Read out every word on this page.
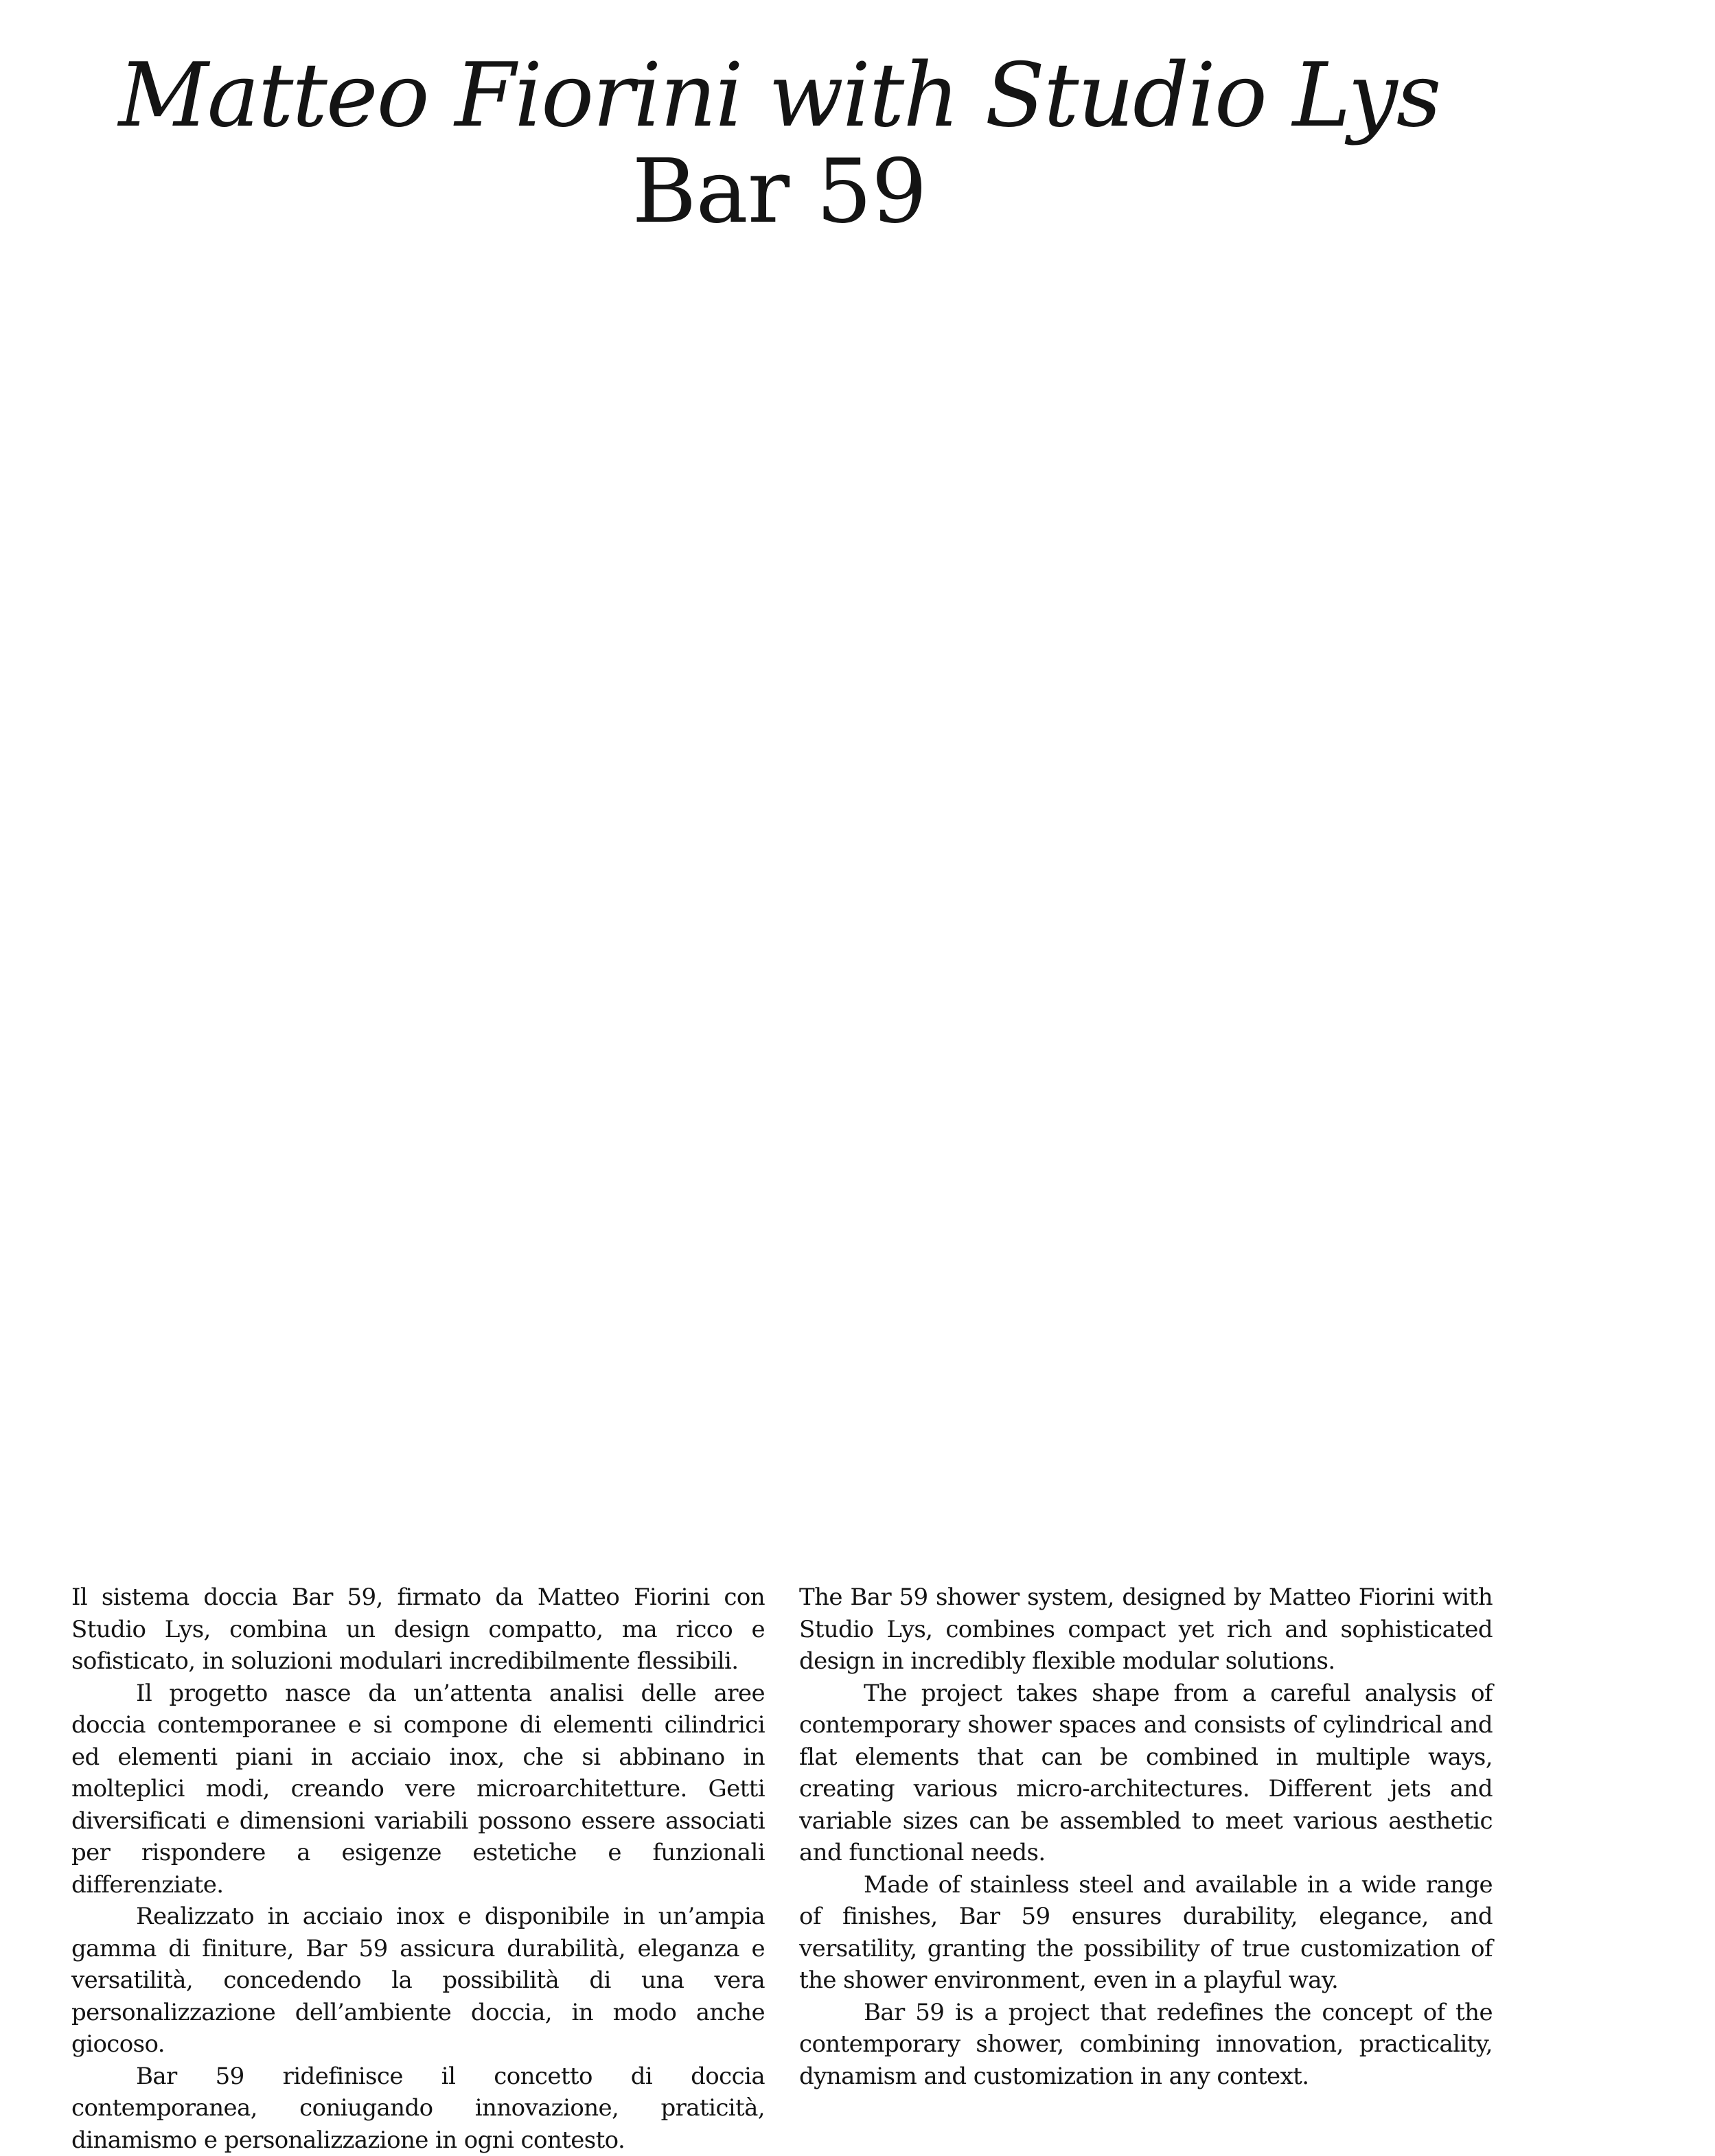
Matteo Fiorini with Studio Lys
Bar 59

Il sistema doccia Bar 59, firmato da Matteo Fiorini con Studio Lys, combina un design compatto, ma ricco e sofisticato, in soluzioni modulari incredibilmente flessibili.

Il progetto nasce da un’attenta analisi delle aree doccia contemporanee e si compone di elementi cilindrici ed elementi piani in acciaio inox, che si abbinano in molteplici modi, creando vere microarchitetture. Getti diversificati e dimensioni variabili possono essere associati per rispondere a esigenze estetiche e funzionali differenziate.

Realizzato in acciaio inox e disponibile in un’ampia gamma di finiture, Bar 59 assicura durabilità, eleganza e versatilità, concedendo la possibilità di una vera personalizzazione dell’ambiente doccia, in modo anche giocoso.

Bar 59 ridefinisce il concetto di doccia contemporanea, coniugando innovazione, praticità, dinamismo e personalizzazione in ogni contesto.

The Bar 59 shower system, designed by Matteo Fiorini with Studio Lys, combines compact yet rich and sophisticated design in incredibly flexible modular solutions.

The project takes shape from a careful analysis of contemporary shower spaces and consists of cylindrical and flat elements that can be combined in multiple ways, creating various micro-architectures. Different jets and variable sizes can be assembled to meet various aesthetic and functional needs.

Made of stainless steel and available in a wide range of finishes, Bar 59 ensures durability, elegance, and versatility, granting the possibility of true customization of the shower environment, even in a playful way.

Bar 59 is a project that redefines the concept of the contemporary shower, combining innovation, practicality, dynamism and customization in any context.
